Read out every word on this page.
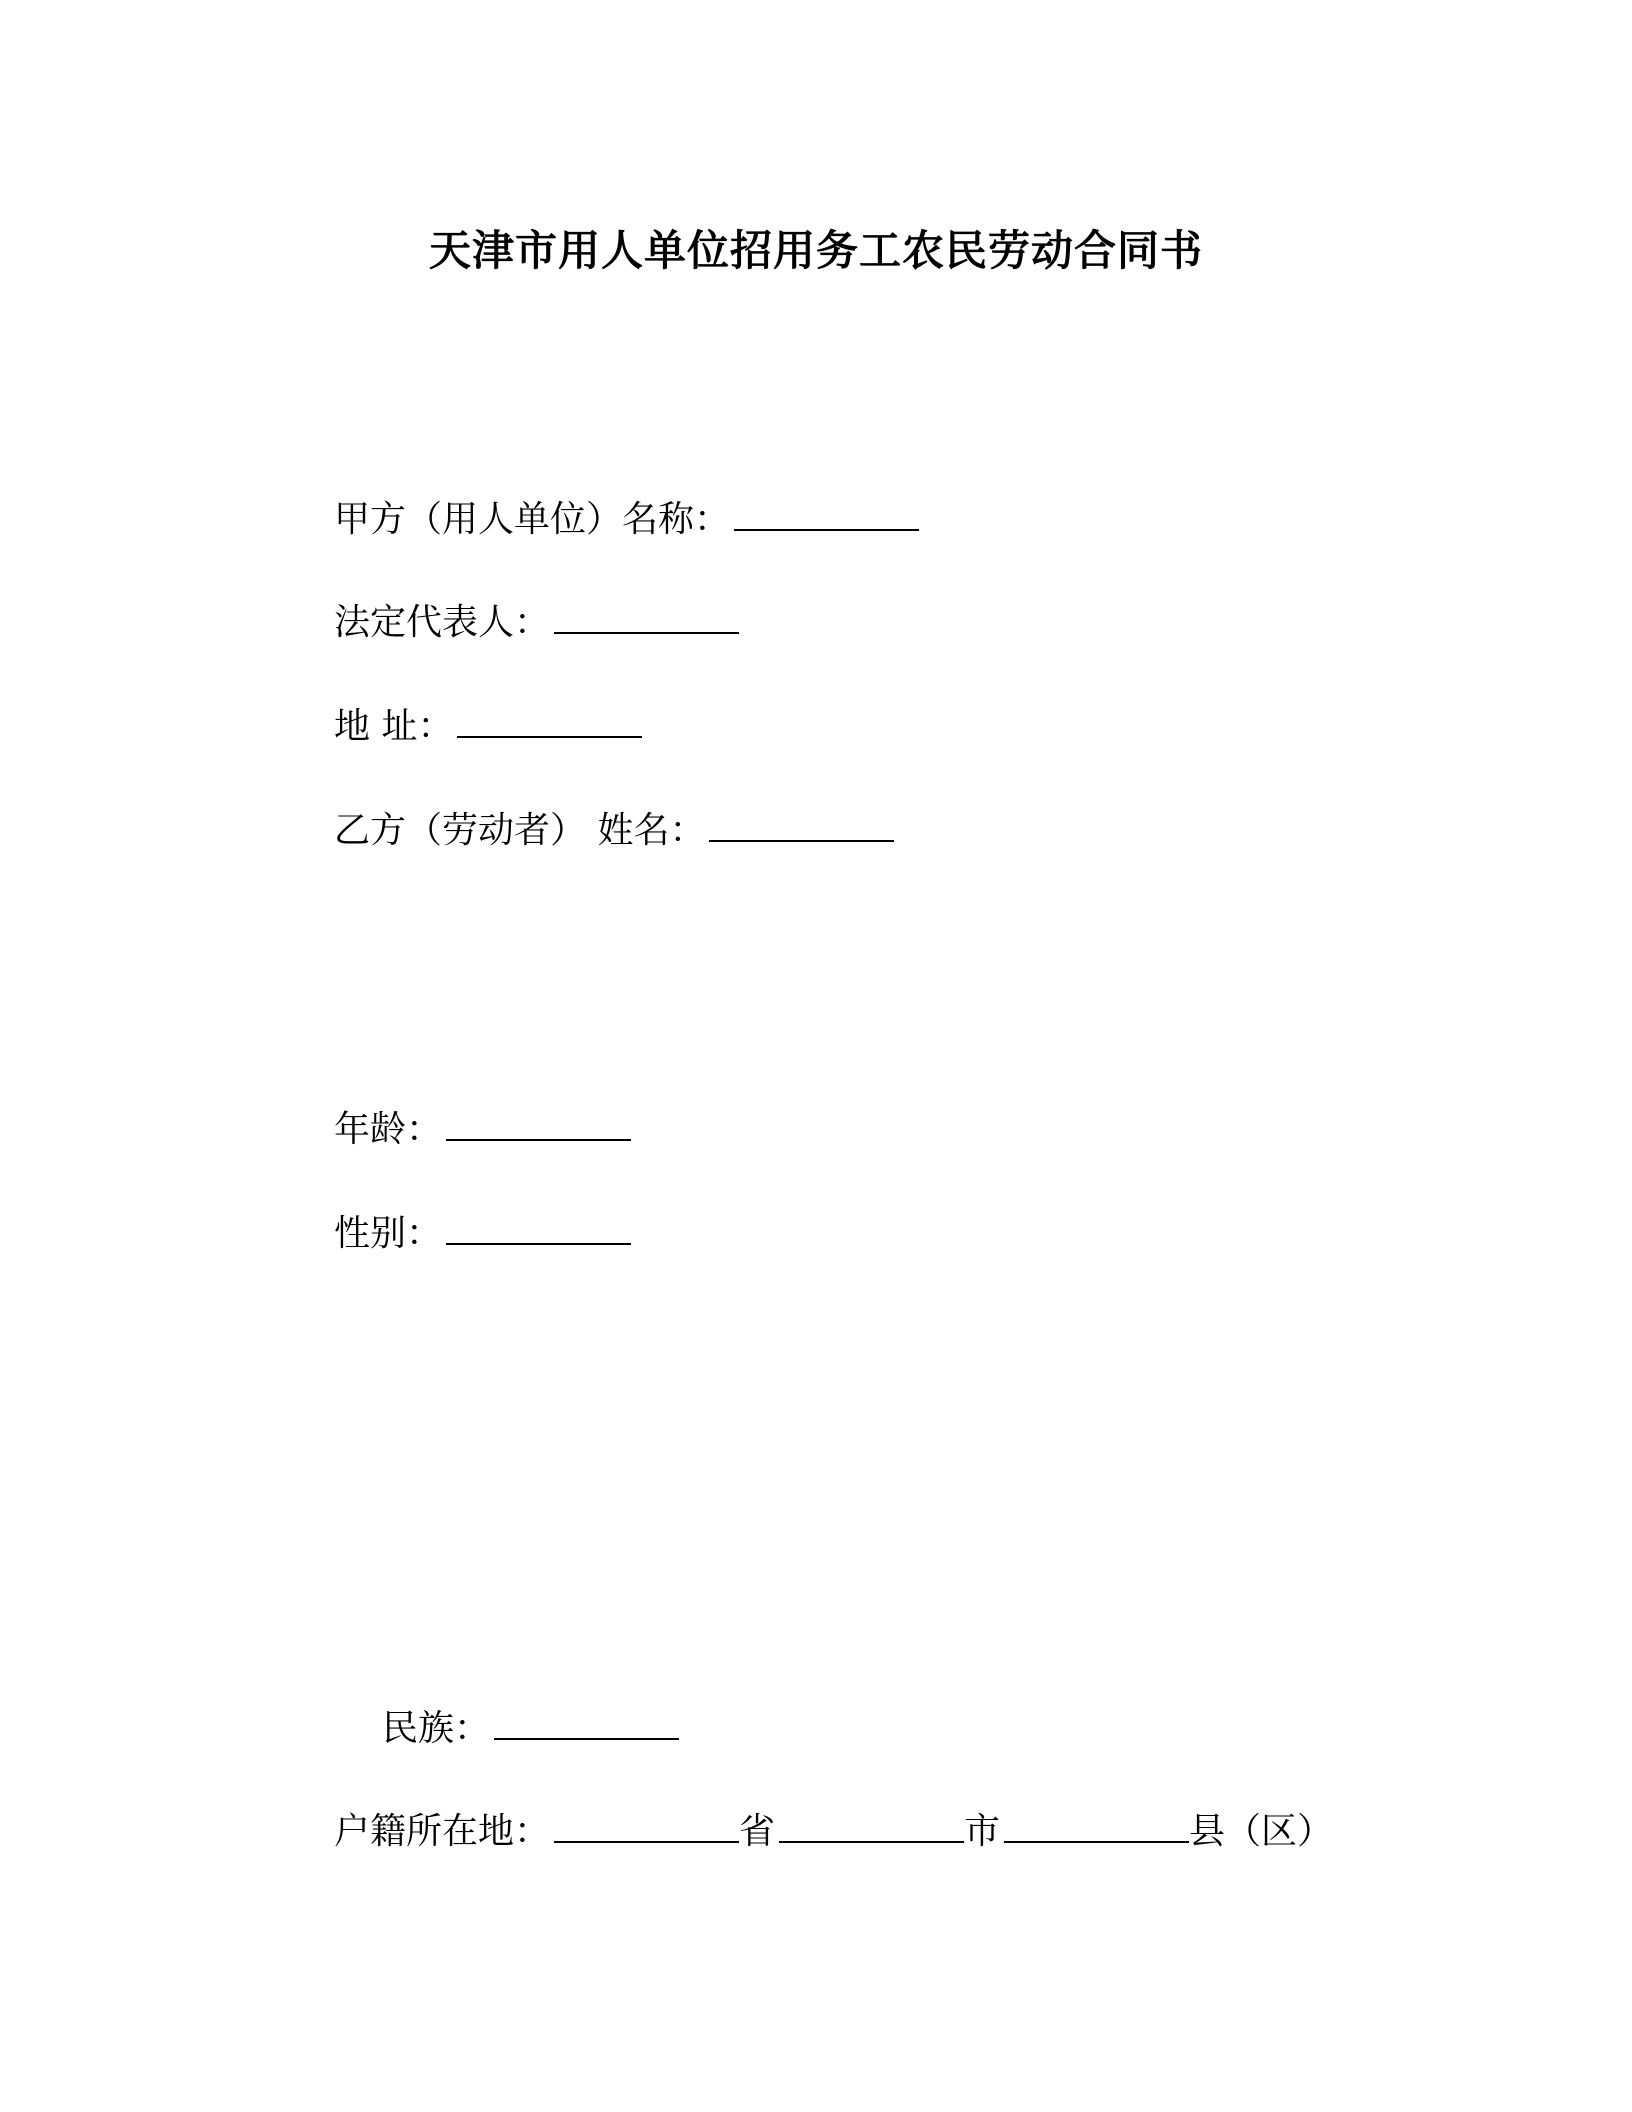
天津市用人单位招用务工农民劳动合同书
甲方（用人单位）名称：
法定代表人：
地 址：
乙方（劳动者） 姓名：
年龄：
性别：
民族：
户籍所在地：	省	市	县（区）
